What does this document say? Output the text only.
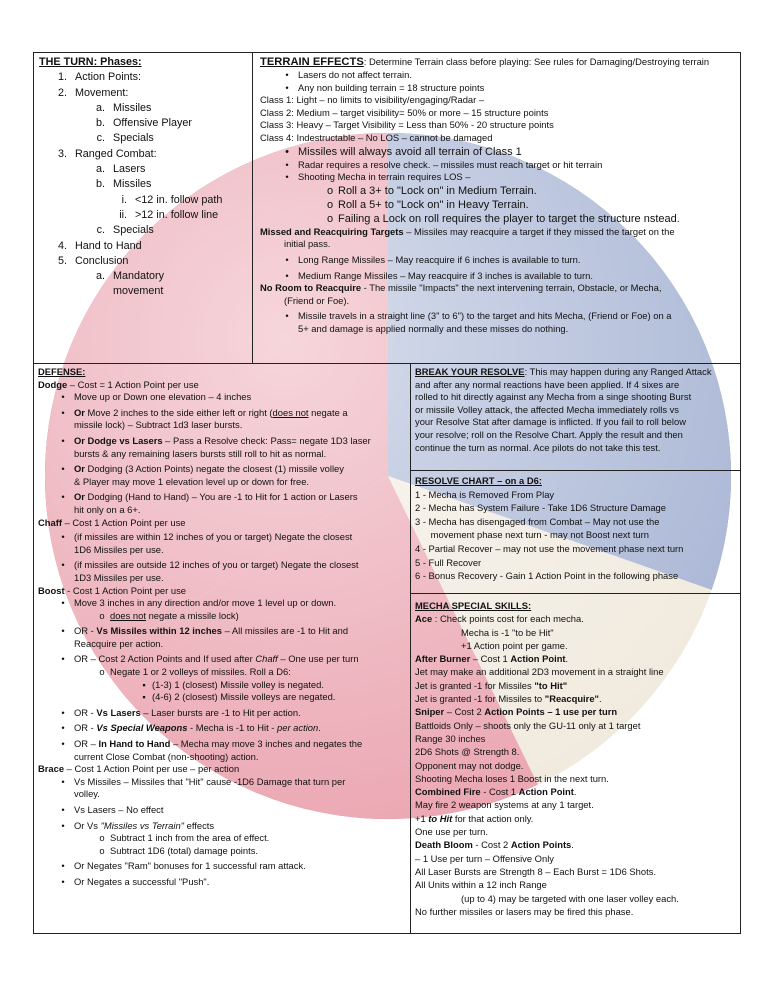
THE TURN: Phases:
1. Action Points:
2. Movement:
a. Missiles
b. Offensive Player
c. Specials
3. Ranged Combat:
a. Lasers
b. Missiles
i. <12 in. follow path
ii. >12 in. follow line
c. Specials
4. Hand to Hand
5. Conclusion
a. Mandatory
movement
TERRAIN EFFECTS: Determine Terrain class before playing: See rules for Damaging/Destroying terrain
• Lasers do not affect terrain.
• Any non building terrain = 18 structure points
Class 1: Light – no limits to visibility/engaging/Radar –
Class 2: Medium – target visibility= 50% or more – 15 structure points
Class 3: Heavy – Target Visibility = Less than 50% - 20 structure points
Class 4: Indestructable – No LOS – cannot be damaged
• Missiles will always avoid all terrain of Class 1
• Radar requires a resolve check. – missiles must reach target or hit terrain
• Shooting Mecha in terrain requires LOS –
o Roll a 3+ to "Lock on" in Medium Terrain.
o Roll a 5+ to "Lock on" in Heavy Terrain.
o Failing a Lock on roll requires the player to target the structure nstead.
Missed and Reacquiring Targets – Missiles may reacquire a target if they missed the target on the
initial pass.
• Long Range Missiles – May reacquire if 6 inches is available to turn.
• Medium Range Missiles – May reacquire if 3 inches is available to turn.
No Room to Reacquire - The missile "Impacts" the next intervening terrain, Obstacle, or Mecha,
(Friend or Foe).
• Missile travels in a straight line (3" to 6") to the target and hits Mecha, (Friend or Foe) on a
5+ and damage is applied normally and these misses do nothing.
DEFENSE:
Dodge – Cost = 1 Action Point per use
• Move up or Down one elevation – 4 inches
• Or Move 2 inches to the side either left or right (does not negate a
missile lock) – Subtract 1d3 laser bursts.
• Or Dodge vs Lasers – Pass a Resolve check: Pass= negate 1D3 laser
bursts & any remaining lasers bursts still roll to hit as normal.
• Or Dodging (3 Action Points) negate the closest (1) missile volley
& Player may move 1 elevation level up or down for free.
• Or Dodging (Hand to Hand) – You are -1 to Hit for 1 action or Lasers
hit only on a 6+.
Chaff – Cost 1 Action Point per use
• (if missiles are within 12 inches of you or target) Negate the closest
1D6 Missiles per use.
• (if missiles are outside 12 inches of you or target) Negate the closest
1D3 Missiles per use.
Boost - Cost 1 Action Point per use
• Move 3 inches in any direction and/or move 1 level up or down.
o does not negate a missile lock)
• OR - Vs Missiles within 12 inches – All missiles are -1 to Hit and
Reacquire per action.
• OR – Cost 2 Action Points and If used after Chaff – One use per turn
o Negate 1 or 2 volleys of missiles. Roll a D6:
▪ (1-3) 1 (closest) Missile volley is negated.
▪ (4-6) 2 (closest) Missile volleys are negated.
• OR - Vs Lasers – Laser bursts are -1 to Hit per action.
• OR - Vs Special Weapons - Mecha is -1 to Hit - per action.
• OR – In Hand to Hand – Mecha may move 3 inches and negates the
current Close Combat (non-shooting) action.
Brace – Cost 1 Action Point per use – per action
• Vs Missiles – Missiles that "Hit" cause -1D6 Damage that turn per
volley.
• Vs Lasers – No effect
• Or Vs "Missiles vs Terrain" effects
o Subtract 1 inch from the area of effect.
o Subtract 1D6 (total) damage points.
• Or Negates "Ram" bonuses for 1 successful ram attack.
• Or Negates a successful "Push".
BREAK YOUR RESOLVE: This may happen during any Ranged Attack
and after any normal reactions have been applied. If 4 sixes are
rolled to hit directly against any Mecha from a singe shooting Burst
or missile Volley attack, the affected Mecha immediately rolls vs
your Resolve Stat after damage is inflicted. If you fail to roll below
your resolve; roll on the Resolve Chart. Apply the result and then
continue the turn as normal. Ace pilots do not take this test.
RESOLVE CHART – on a D6:
1 - Mecha is Removed From Play
2 - Mecha has System Failure - Take 1D6 Structure Damage
3 - Mecha has disengaged from Combat – May not use the
movement phase next turn - may not Boost next turn
4 - Partial Recover – may not use the movement phase next turn
5 - Full Recover
6 - Bonus Recovery - Gain 1 Action Point in the following phase
MECHA SPECIAL SKILLS:
Ace : Check points cost for each mecha.
Mecha is -1 "to be Hit"
+1 Action point per game.
After Burner – Cost 1 Action Point.
Jet may make an additional 2D3 movement in a straight line
Jet is granted -1 for Missiles "to Hit"
Jet is granted -1 for Missiles to "Reacquire".
Sniper – Cost 2 Action Points – 1 use per turn
Battloids Only – shoots only the GU-11 only at 1 target
Range 30 inches
2D6 Shots @ Strength 8.
Opponent may not dodge.
Shooting Mecha loses 1 Boost in the next turn.
Combined Fire - Cost 1 Action Point.
May fire 2 weapon systems at any 1 target.
+1 to Hit for that action only.
One use per turn.
Death Bloom - Cost 2 Action Points.
– 1 Use per turn – Offensive Only
All Laser Bursts are Strength 8 – Each Burst = 1D6 Shots.
All Units within a 12 inch Range
(up to 4) may be targeted with one laser volley each.
No further missiles or lasers may be fired this phase.
